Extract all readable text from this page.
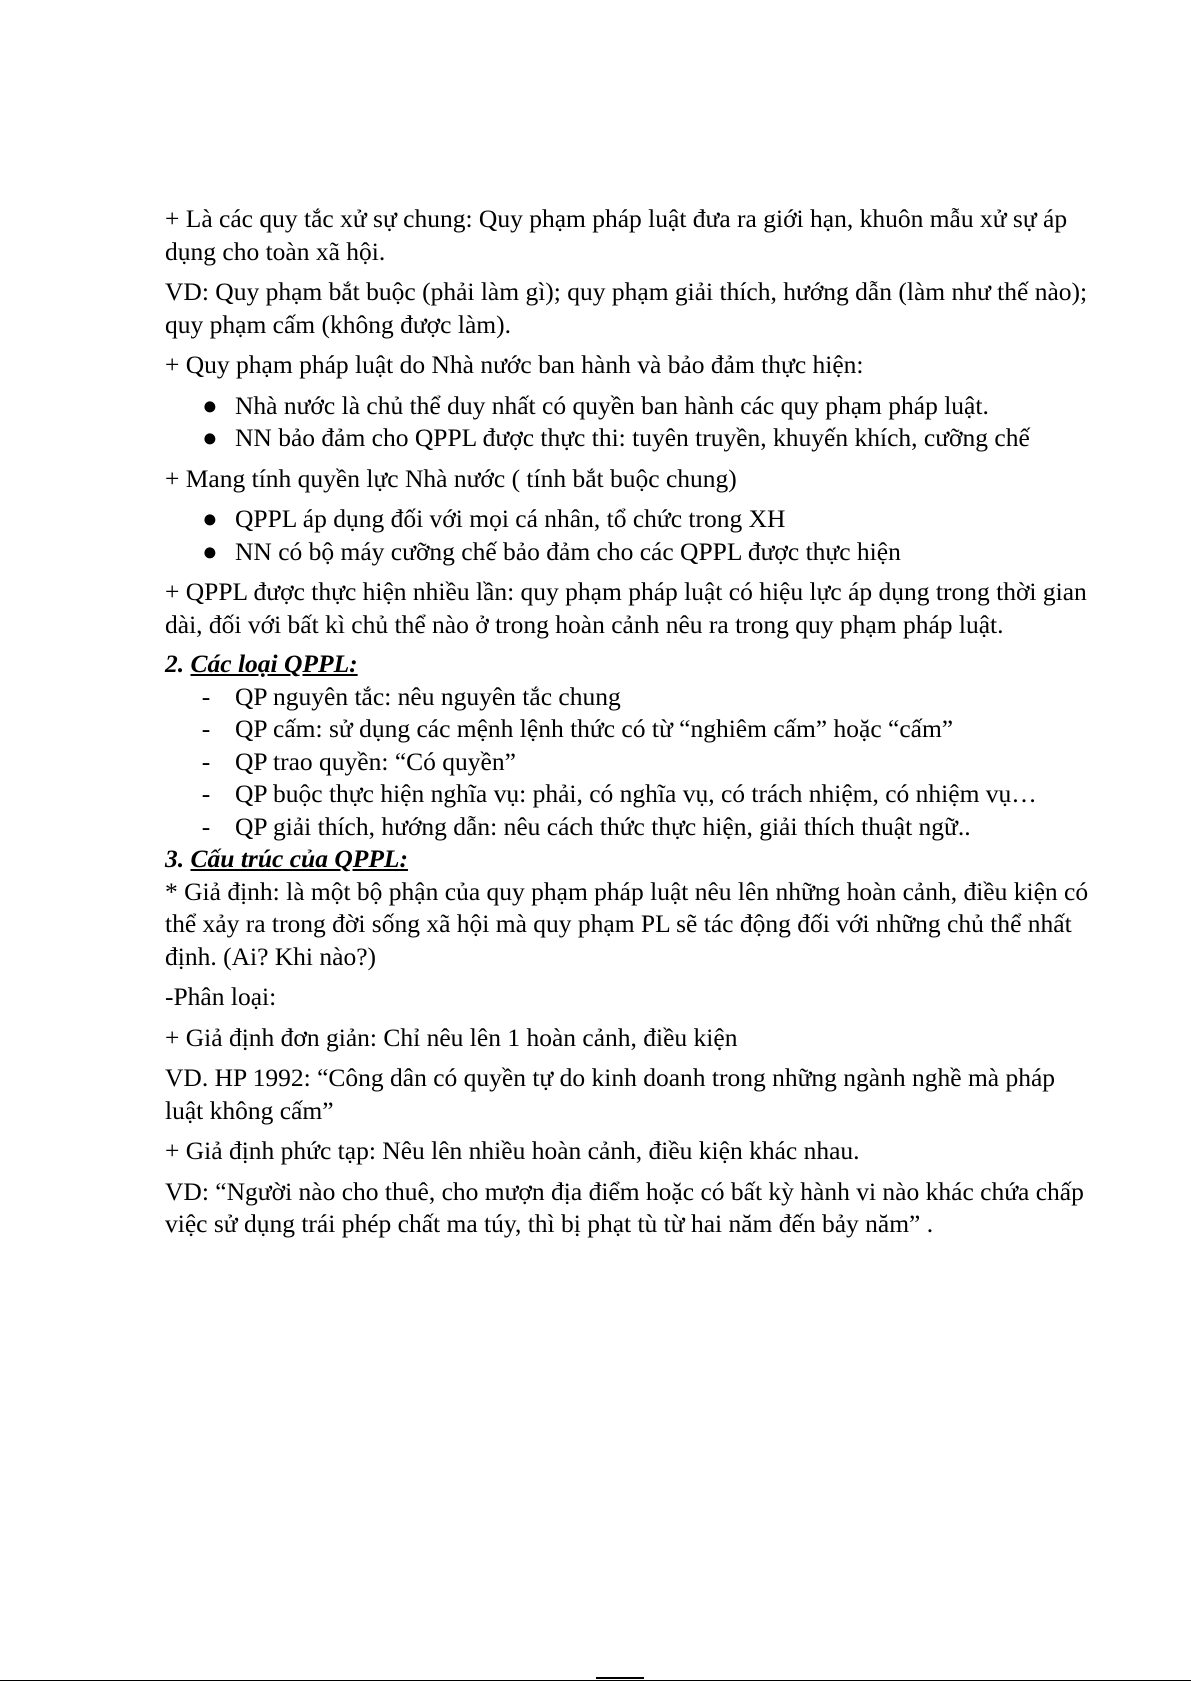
+ Là các quy tắc xử sự chung: Quy phạm pháp luật đưa ra giới hạn, khuôn mẫu xử sự áp dụng cho toàn xã hội.

VD: Quy phạm bắt buộc (phải làm gì); quy phạm giải thích, hướng dẫn (làm như thế nào); quy phạm cấm (không được làm).

+ Quy phạm pháp luật do Nhà nước ban hành và bảo đảm thực hiện:

● Nhà nước là chủ thể duy nhất có quyền ban hành các quy phạm pháp luật.
● NN bảo đảm cho QPPL được thực thi: tuyên truyền, khuyến khích, cưỡng chế

+ Mang tính quyền lực Nhà nước ( tính bắt buộc chung)

● QPPL áp dụng đối với mọi cá nhân, tổ chức trong XH
● NN có bộ máy cưỡng chế bảo đảm cho các QPPL được thực hiện

+ QPPL được thực hiện nhiều lần: quy phạm pháp luật có hiệu lực áp dụng trong thời gian dài, đối với bất kì chủ thể nào ở trong hoàn cảnh nêu ra trong quy phạm pháp luật.

2. Các loại QPPL:

- QP nguyên tắc: nêu nguyên tắc chung
- QP cấm: sử dụng các mệnh lệnh thức có từ “nghiêm cấm” hoặc “cấm”
- QP trao quyền: “Có quyền”
- QP buộc thực hiện nghĩa vụ: phải, có nghĩa vụ, có trách nhiệm, có nhiệm vụ…
- QP giải thích, hướng dẫn: nêu cách thức thực hiện, giải thích thuật ngữ..

3. Cấu trúc của QPPL:

* Giả định: là một bộ phận của quy phạm pháp luật nêu lên những hoàn cảnh, điều kiện có thể xảy ra trong đời sống xã hội mà quy phạm PL sẽ tác động đối với những chủ thể nhất định. (Ai? Khi nào?)

-Phân loại:

+ Giả định đơn giản: Chỉ nêu lên 1 hoàn cảnh, điều kiện

VD. HP 1992: “Công dân có quyền tự do kinh doanh trong những ngành nghề mà pháp luật không cấm”

+ Giả định phức tạp: Nêu lên nhiều hoàn cảnh, điều kiện khác nhau.

VD: “Người nào cho thuê, cho mượn địa điểm hoặc có bất kỳ hành vi nào khác chứa chấp việc sử dụng trái phép chất ma túy, thì bị phạt tù từ hai năm đến bảy năm” .
